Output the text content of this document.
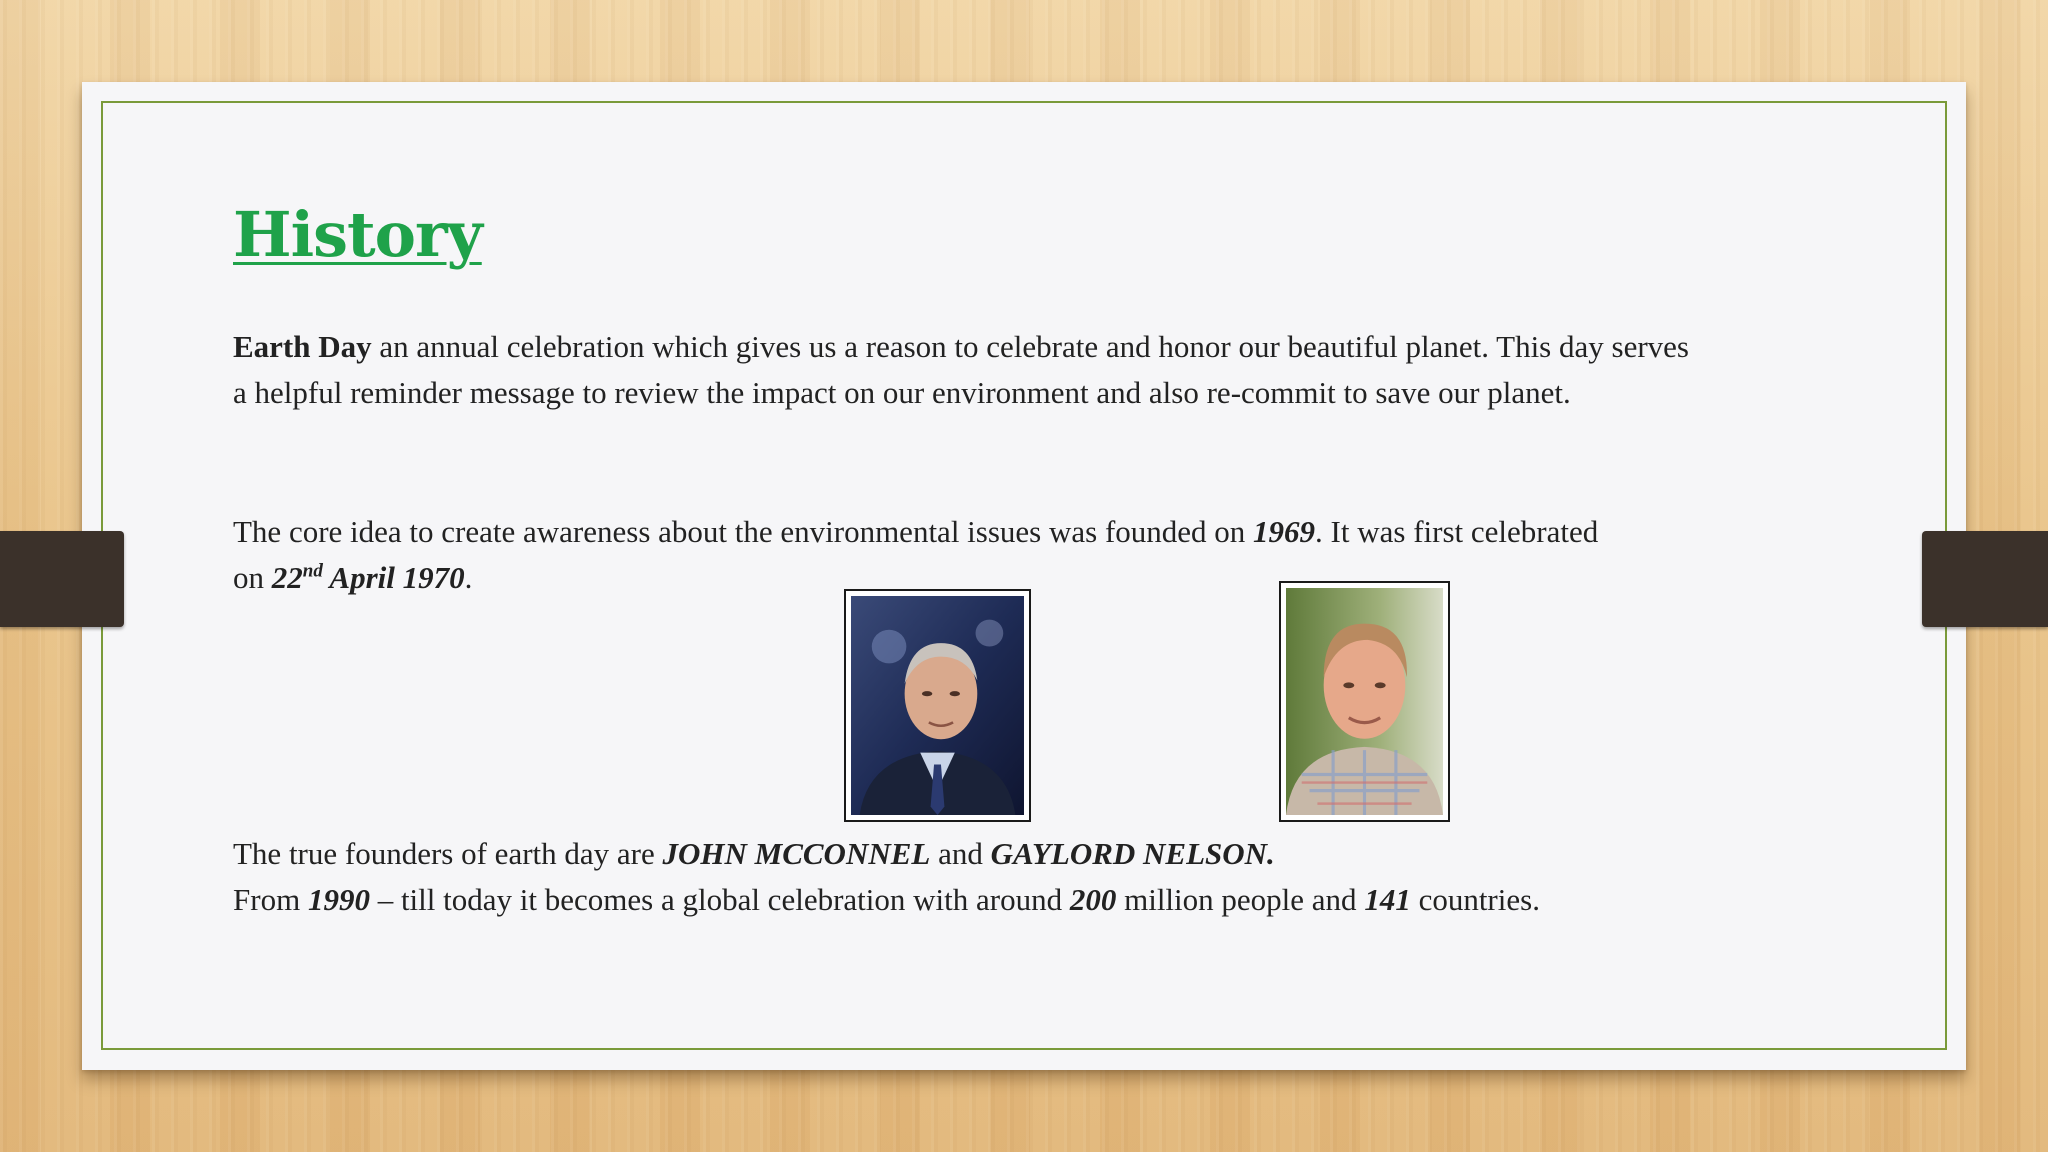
History

Earth Day an annual celebration which gives us a reason to celebrate and honor our beautiful planet. This day serves a helpful reminder message to review the impact on our environment and also re-commit to save our planet.

The core idea to create awareness about the environmental issues was founded on 1969. It was first celebrated on 22nd April 1970.

The true founders of earth day are JOHN MCCONNEL and GAYLORD NELSON.
From 1990 – till today it becomes a global celebration with around 200 million people and 141 countries.
